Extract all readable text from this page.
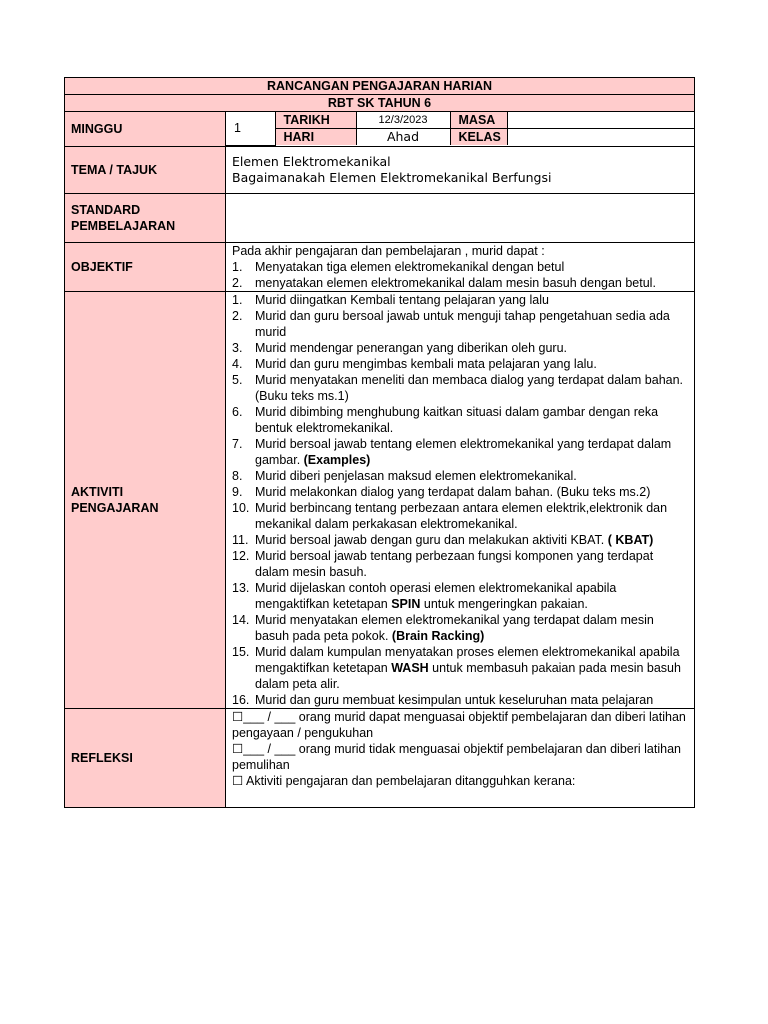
RANCANGAN PENGAJARAN HARIAN
RBT SK TAHUN 6
MINGGU		1	TARIKH	12/3/2023	MASA	
HARI	Ahad	KELAS	

TEMA / TAJUK	
Elemen Elektromekanikal
Bagaimanakah Elemen Elektromekanikal Berfungsi

STANDARD
PEMBELAJARAN

OBJEKTIF	
Pada akhir pengajaran dan pembelajaran , murid dapat :
1. Menyatakan tiga elemen elektromekanikal dengan betul
2. menyatakan elemen elektromekanikal dalam mesin basuh dengan betul.

AKTIVITI
PENGAJARAN

1. Murid diingatkan Kembali tentang pelajaran yang lalu
2. Murid dan guru bersoal jawab untuk menguji tahap pengetahuan sedia ada murid
3. Murid mendengar penerangan yang diberikan oleh guru.
4. Murid dan guru mengimbas kembali mata pelajaran yang lalu.
5. Murid menyatakan meneliti dan membaca dialog yang terdapat dalam bahan. (Buku teks ms.1)
6. Murid dibimbing menghubung kaitkan situasi dalam gambar dengan reka bentuk elektromekanikal.
7. Murid bersoal jawab tentang elemen elektromekanikal yang terdapat dalam gambar. (Examples)
8. Murid diberi penjelasan maksud elemen elektromekanikal.
9. Murid melakonkan dialog yang terdapat dalam bahan. (Buku teks ms.2)
10. Murid berbincang tentang perbezaan antara elemen elektrik,elektronik dan mekanikal dalam perkakasan elektromekanikal.
11. Murid bersoal jawab dengan guru dan melakukan aktiviti KBAT. ( KBAT)
12. Murid bersoal jawab tentang perbezaan fungsi komponen yang terdapat dalam mesin basuh.
13. Murid dijelaskan contoh operasi elemen elektromekanikal apabila mengaktifkan ketetapan SPIN untuk mengeringkan pakaian.
14. Murid menyatakan elemen elektromekanikal yang terdapat dalam mesin basuh pada peta pokok. (Brain Racking)
15. Murid dalam kumpulan menyatakan proses elemen elektromekanikal apabila mengaktifkan ketetapan WASH untuk membasuh pakaian pada mesin basuh dalam peta alir.
16. Murid dan guru membuat kesimpulan untuk keseluruhan mata pelajaran

REFLEKSI	
☐___ / ___ orang murid dapat menguasai objektif pembelajaran dan diberi latihan pengayaan / pengukuhan
☐___ / ___ orang murid tidak menguasai objektif pembelajaran dan diberi latihan pemulihan
☐ Aktiviti pengajaran dan pembelajaran ditangguhkan kerana:
